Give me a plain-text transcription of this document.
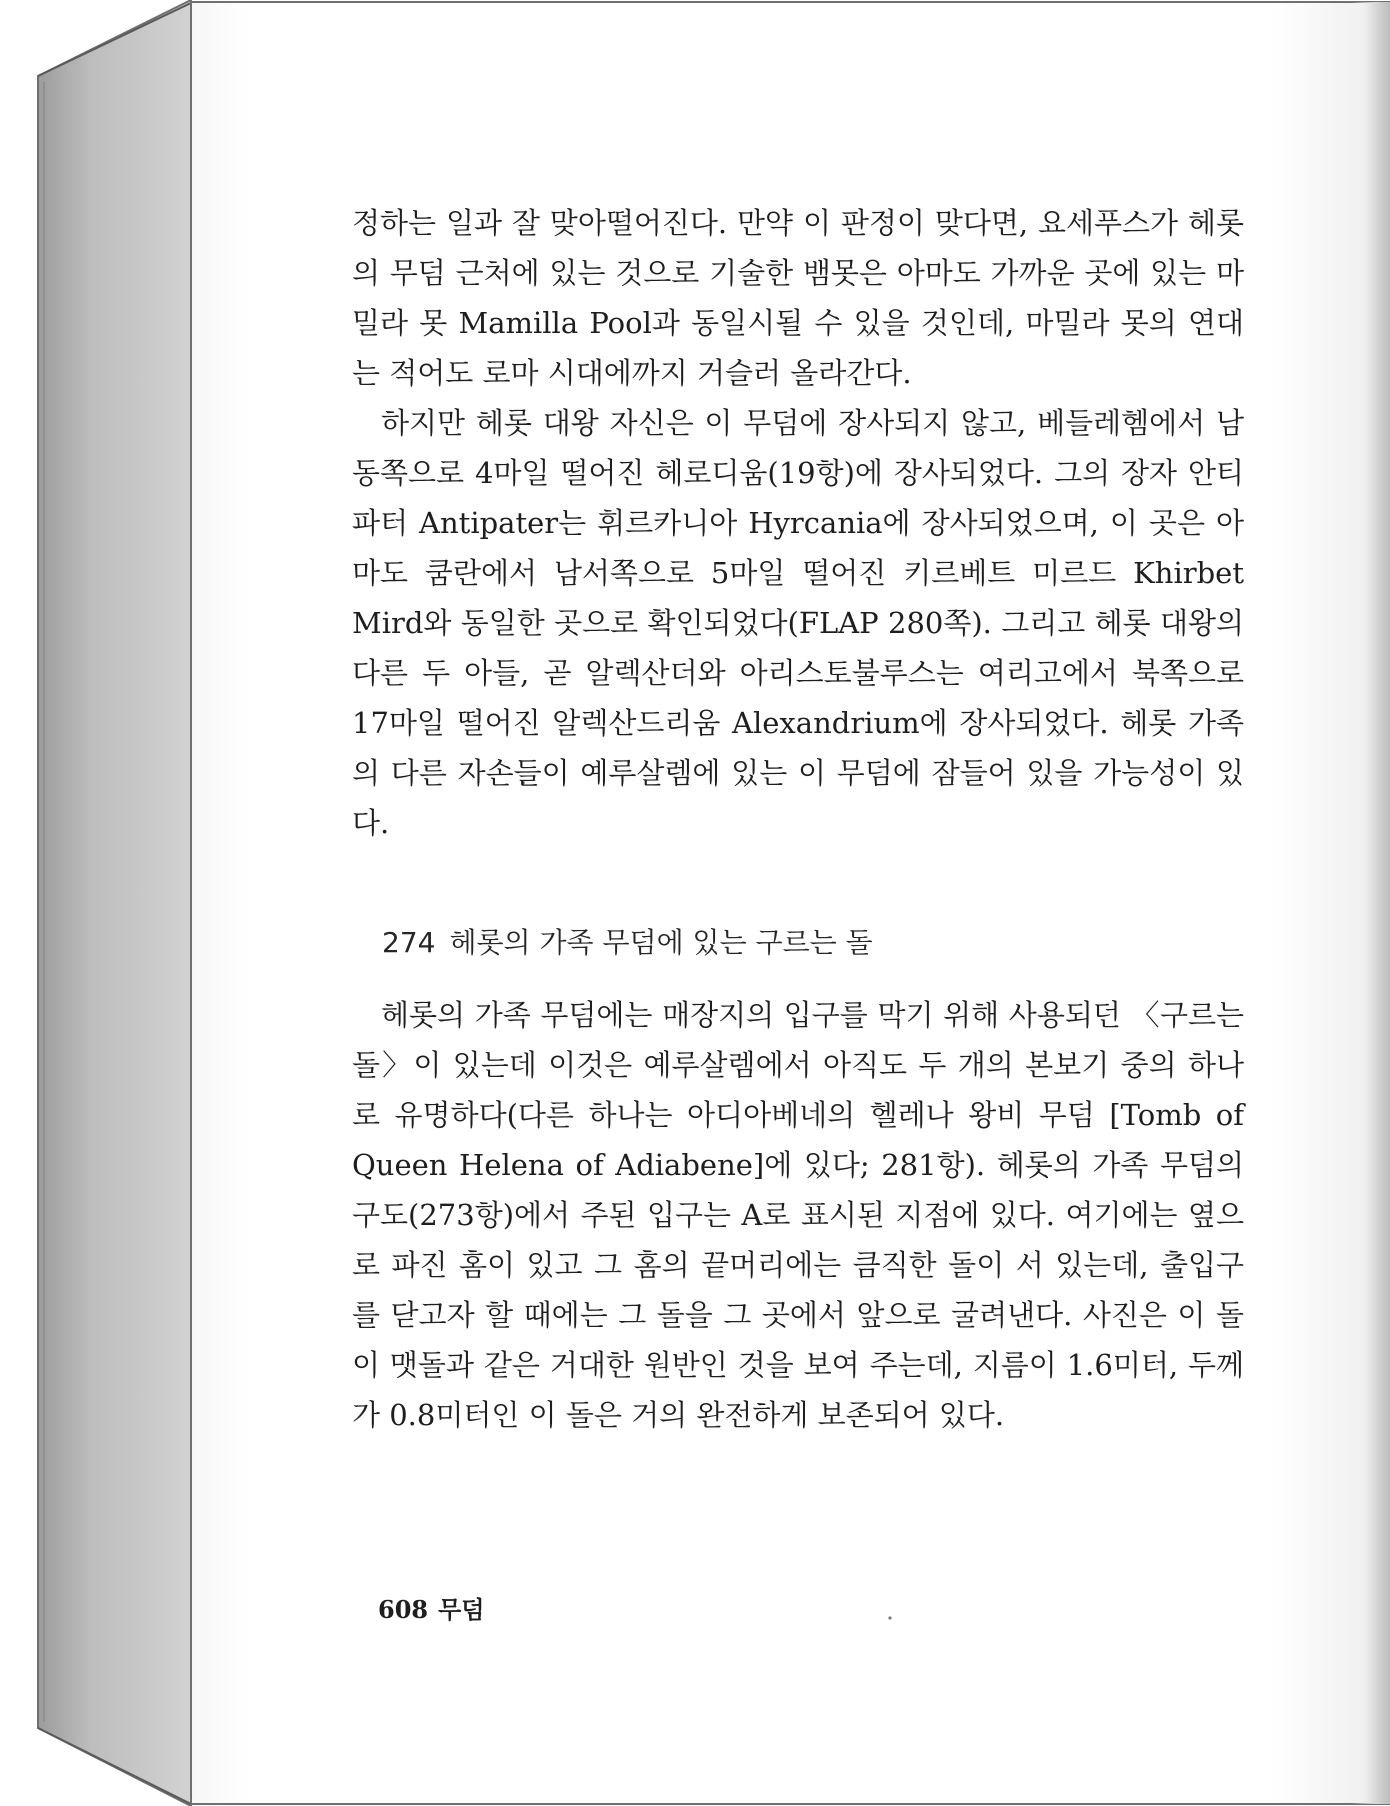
정하는 일과 잘 맞아떨어진다. 만약 이 판정이 맞다면, 요세푸스가 헤롯의 무덤 근처에 있는 것으로 기술한 뱀못은 아마도 가까운 곳에 있는 마밀라 못 Mamilla Pool과 동일시될 수 있을 것인데, 마밀라 못의 연대는 적어도 로마 시대에까지 거슬러 올라간다.

하지만 헤롯 대왕 자신은 이 무덤에 장사되지 않고, 베들레헴에서 남동쪽으로 4마일 떨어진 헤로디움(19항)에 장사되었다. 그의 장자 안티파터 Antipater는 휘르카니아 Hyrcania에 장사되었으며, 이 곳은 아마도 쿰란에서 남서쪽으로 5마일 떨어진 키르베트 미르드 Khirbet Mird와 동일한 곳으로 확인되었다(FLAP 280쪽). 그리고 헤롯 대왕의 다른 두 아들, 곧 알렉산더와 아리스토불루스는 여리고에서 북쪽으로 17마일 떨어진 알렉산드리움 Alexandrium에 장사되었다. 헤롯 가족의 다른 자손들이 예루살렘에 있는 이 무덤에 잠들어 있을 가능성이 있다.

274 헤롯의 가족 무덤에 있는 구르는 돌

헤롯의 가족 무덤에는 매장지의 입구를 막기 위해 사용되던 〈구르는 돌〉이 있는데 이것은 예루살렘에서 아직도 두 개의 본보기 중의 하나로 유명하다(다른 하나는 아디아베네의 헬레나 왕비 무덤 [Tomb of Queen Helena of Adiabene]에 있다; 281항). 헤롯의 가족 무덤의 구도(273항)에서 주된 입구는 A로 표시된 지점에 있다. 여기에는 옆으로 파진 홈이 있고 그 홈의 끝머리에는 큼직한 돌이 서 있는데, 출입구를 닫고자 할 때에는 그 돌을 그 곳에서 앞으로 굴려낸다. 사진은 이 돌이 맷돌과 같은 거대한 원반인 것을 보여 주는데, 지름이 1.6미터, 두께가 0.8미터인 이 돌은 거의 완전하게 보존되어 있다.

608 무덤
